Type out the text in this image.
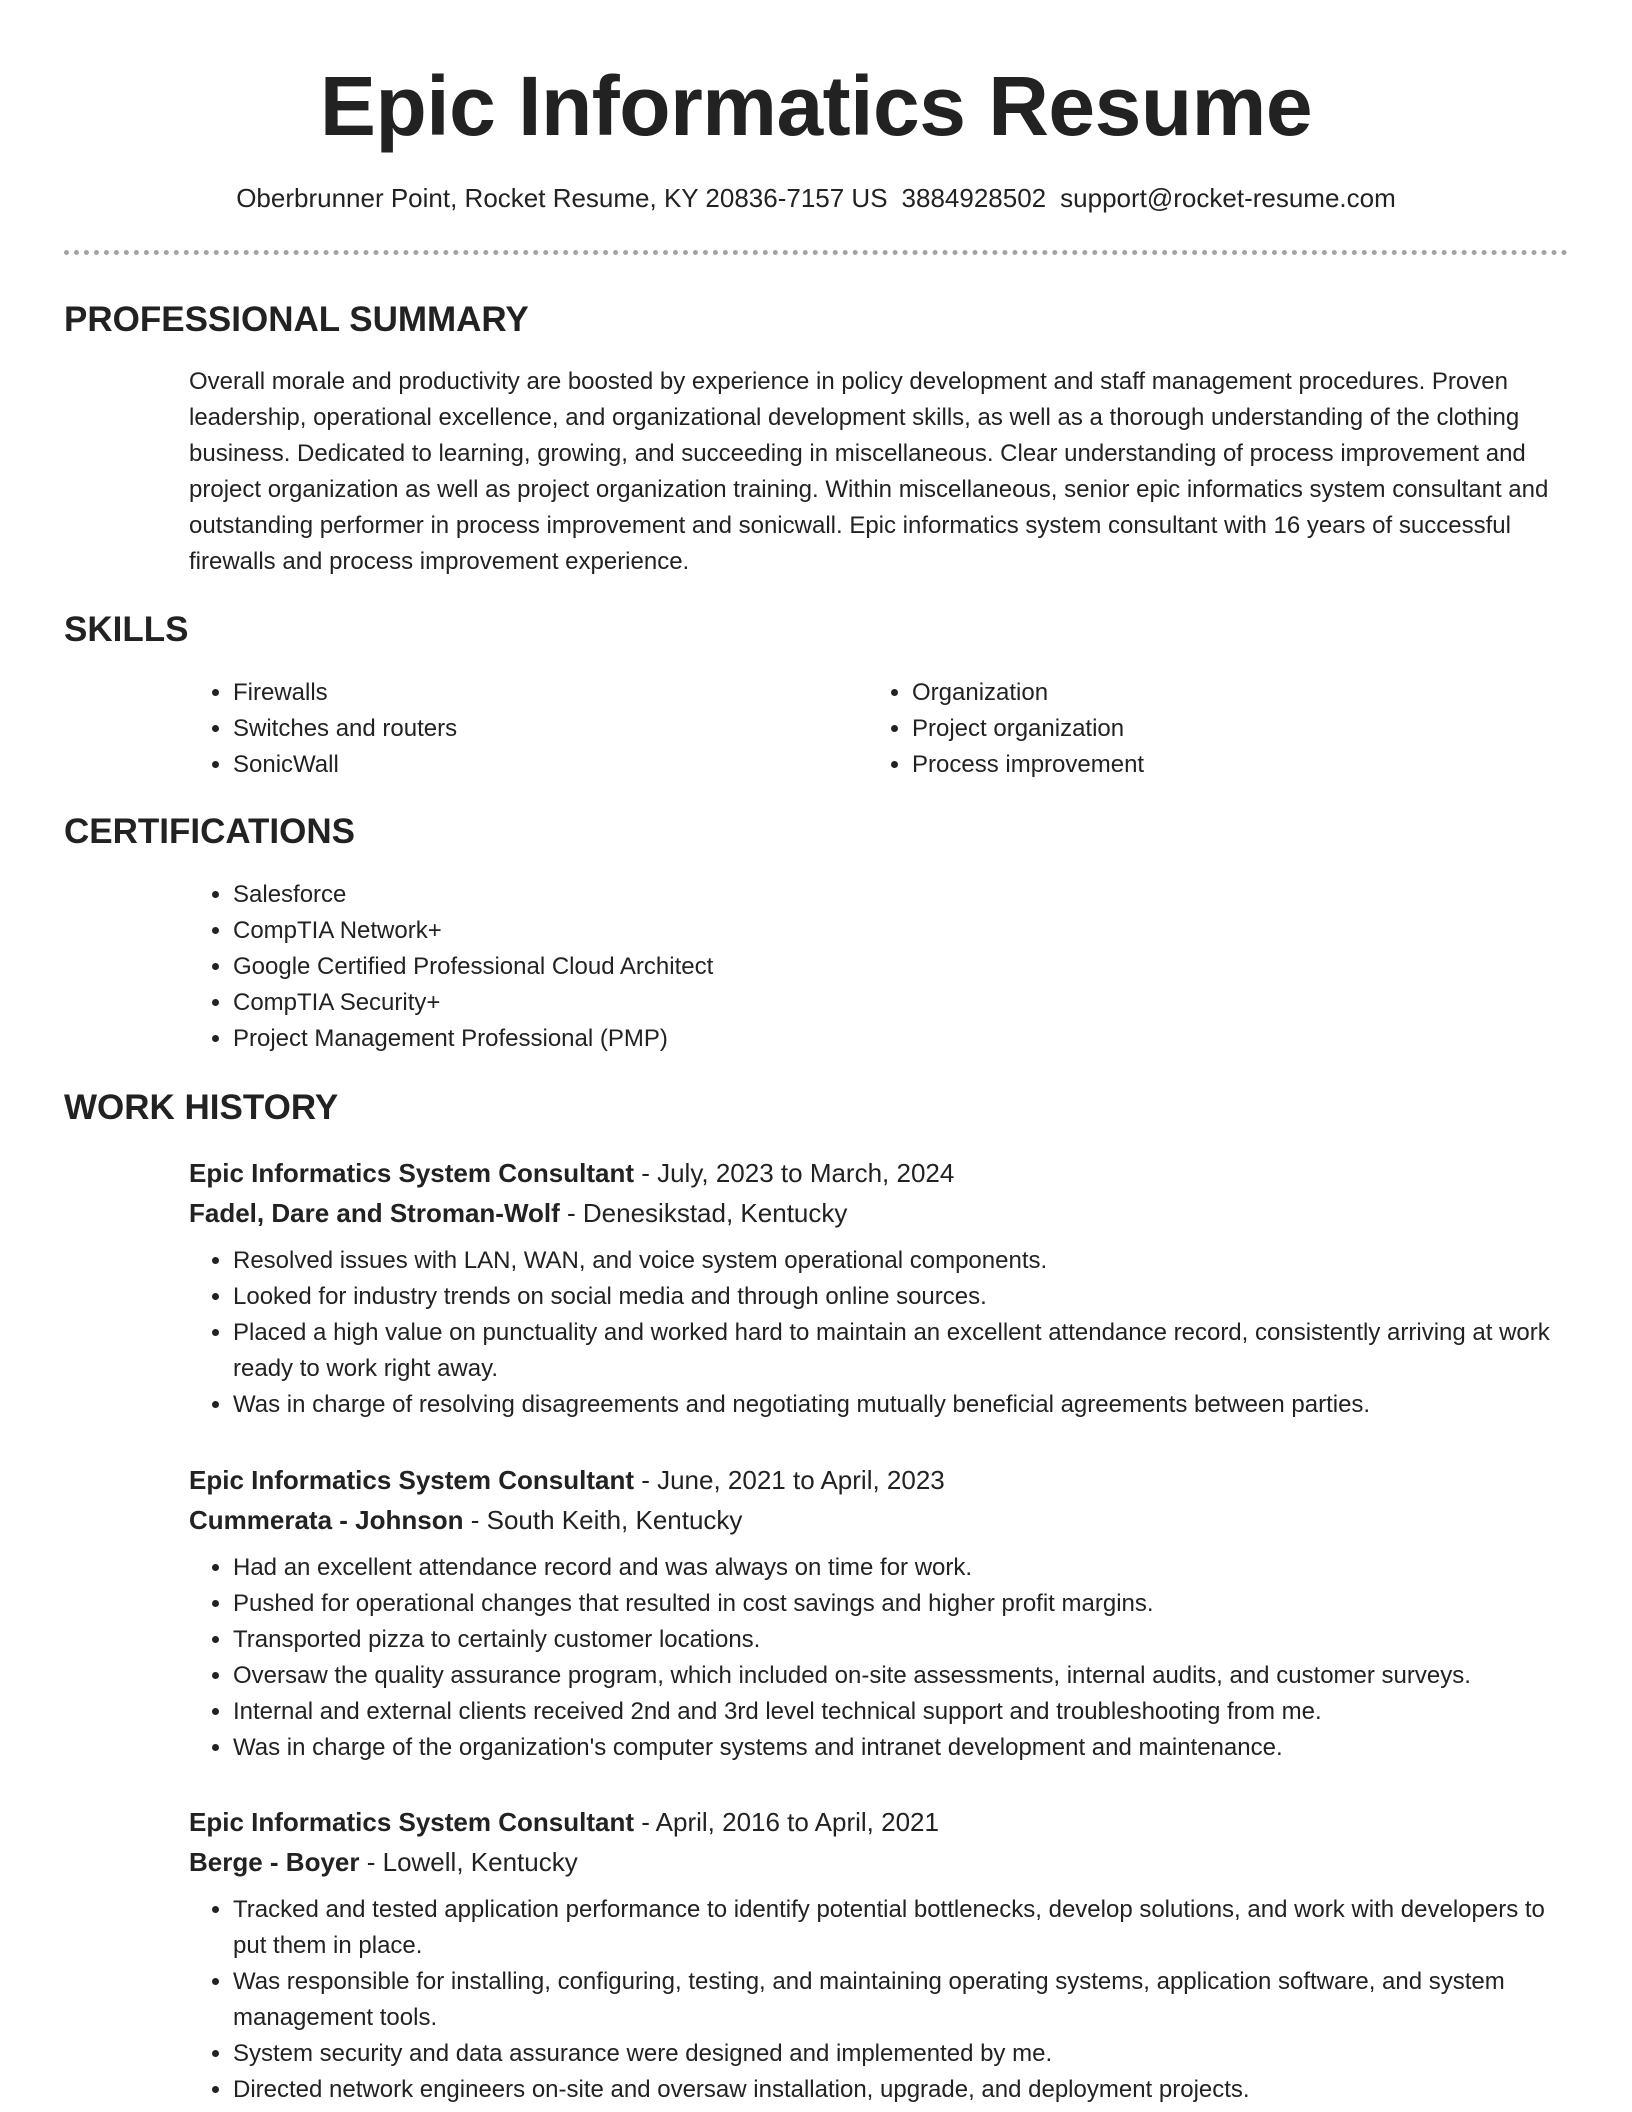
Epic Informatics Resume
Oberbrunner Point, Rocket Resume, KY 20836-7157 US 3884928502 support@rocket-resume.com
PROFESSIONAL SUMMARY

Overall morale and productivity are boosted by experience in policy development and staff management procedures. Proven leadership, operational excellence, and organizational development skills, as well as a thorough understanding of the clothing business. Dedicated to learning, growing, and succeeding in miscellaneous. Clear understanding of process improvement and project organization as well as project organization training. Within miscellaneous, senior epic informatics system consultant and outstanding performer in process improvement and sonicwall. Epic informatics system consultant with 16 years of successful firewalls and process improvement experience.

SKILLS
• Firewalls
• Switches and routers
• SonicWall
• Organization
• Project organization
• Process improvement
CERTIFICATIONS
• Salesforce
• CompTIA Network+
• Google Certified Professional Cloud Architect
• CompTIA Security+
• Project Management Professional (PMP)
WORK HISTORY
Epic Informatics System Consultant - July, 2023 to March, 2024
Fadel, Dare and Stroman-Wolf - Denesikstad, Kentucky
• Resolved issues with LAN, WAN, and voice system operational components.
• Looked for industry trends on social media and through online sources.
• Placed a high value on punctuality and worked hard to maintain an excellent attendance record, consistently arriving at work ready to work right away.
• Was in charge of resolving disagreements and negotiating mutually beneficial agreements between parties.
Epic Informatics System Consultant - June, 2021 to April, 2023
Cummerata - Johnson - South Keith, Kentucky
• Had an excellent attendance record and was always on time for work.
• Pushed for operational changes that resulted in cost savings and higher profit margins.
• Transported pizza to certainly customer locations.
• Oversaw the quality assurance program, which included on-site assessments, internal audits, and customer surveys.
• Internal and external clients received 2nd and 3rd level technical support and troubleshooting from me.
• Was in charge of the organization's computer systems and intranet development and maintenance.
Epic Informatics System Consultant - April, 2016 to April, 2021
Berge - Boyer - Lowell, Kentucky
• Tracked and tested application performance to identify potential bottlenecks, develop solutions, and work with developers to put them in place.
• Was responsible for installing, configuring, testing, and maintaining operating systems, application software, and system management tools.
• System security and data assurance were designed and implemented by me.
• Directed network engineers on-site and oversaw installation, upgrade, and deployment projects.
